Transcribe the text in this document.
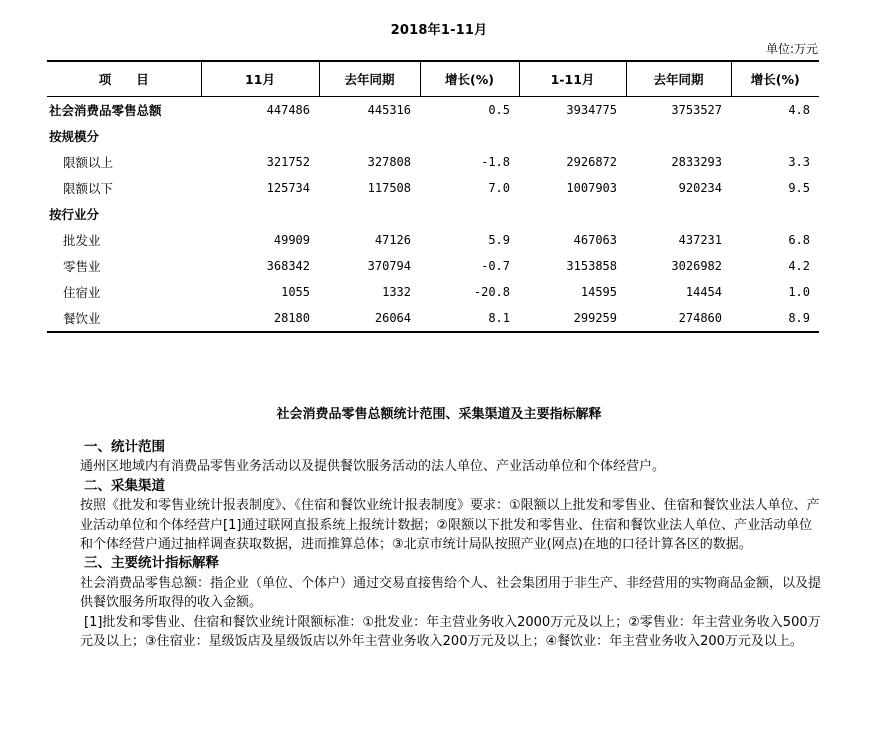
2018年1-11月
单位:万元
项　　目	11月	去年同期	增长(%)	1-11月	去年同期	增长(%)
社会消费品零售总额	447486	445316	0.5	3934775	3753527	4.8
按规模分						
限额以上	321752	327808	-1.8	2926872	2833293	3.3
限额以下	125734	117508	7.0	1007903	920234	9.5
按行业分						
批发业	49909	47126	5.9	467063	437231	6.8
零售业	368342	370794	-0.7	3153858	3026982	4.2
住宿业	1055	1332	-20.8	14595	14454	1.0
餐饮业	28180	26064	8.1	299259	274860	8.9
社会消费品零售总额统计范围、采集渠道及主要指标解释

一、统计范围

通州区地域内有消费品零售业务活动以及提供餐饮服务活动的法人单位、产业活动单位和个体经营户。

二、采集渠道

按照《批发和零售业统计报表制度》、《住宿和餐饮业统计报表制度》要求：①限额以上批发和零售业、住宿和餐饮业法人单位、产业活动单位和个体经营户[1]通过联网直报系统上报统计数据；②限额以下批发和零售业、住宿和餐饮业法人单位、产业活动单位和个体经营户通过抽样调查获取数据，进而推算总体；③北京市统计局队按照产业(网点)在地的口径计算各区的数据。

三、主要统计指标解释

社会消费品零售总额：指企业（单位、个体户）通过交易直接售给个人、社会集团用于非生产、非经营用的实物商品金额，以及提供餐饮服务所取得的收入金额。

[1]批发和零售业、住宿和餐饮业统计限额标准：①批发业：年主营业务收入2000万元及以上；②零售业：年主营业务收入500万元及以上；③住宿业：星级饭店及星级饭店以外年主营业务收入200万元及以上；④餐饮业：年主营业务收入200万元及以上。
